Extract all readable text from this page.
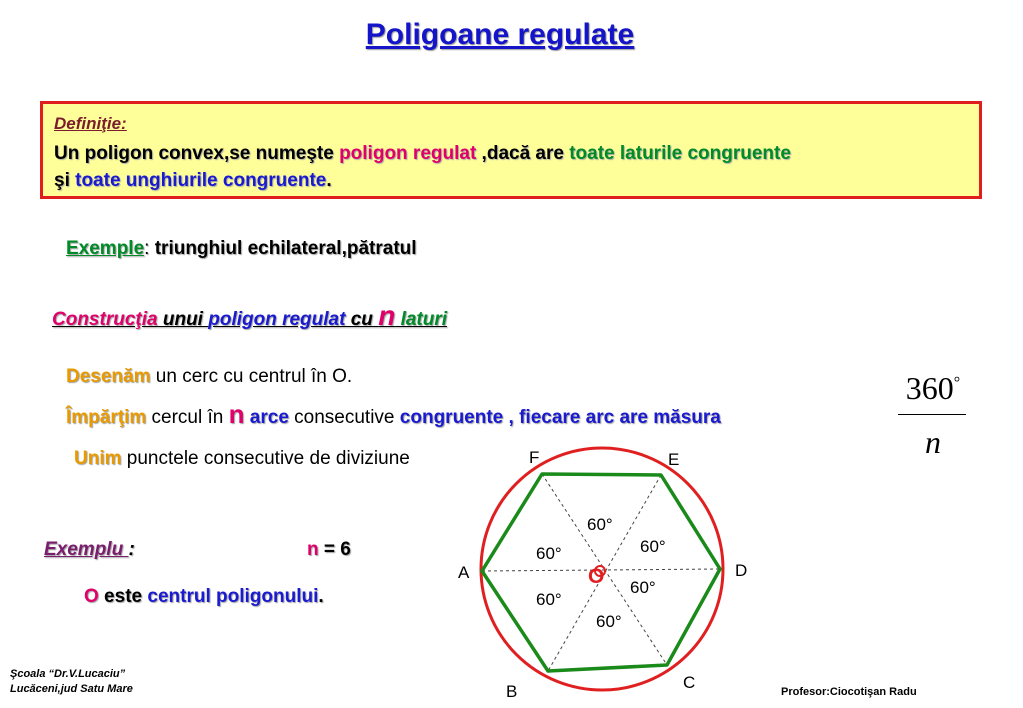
Poligoane regulate
Definiţie:
Un poligon convex,se numeşte poligon regulat ,dacă are toate laturile congruente
şi toate unghiurile congruente.
Exemple: triunghiul echilateral,pătratul
Construcţia unui poligon regulat cu n laturi
Desenăm un cerc cu centrul în O.
Împărţim cercul în n arce consecutive congruente , fiecare arc are măsura
Unim punctele consecutive de diviziune
360°
n
Exemplu :	n = 6
O este centrul poligonului.
F	E
A	D
B	C
O
60°
60°
60°
60°
60°
60°
Şcoala “Dr.V.Lucaciu”
Lucăceni,jud Satu Mare	Profesor:Ciocotişan Radu
